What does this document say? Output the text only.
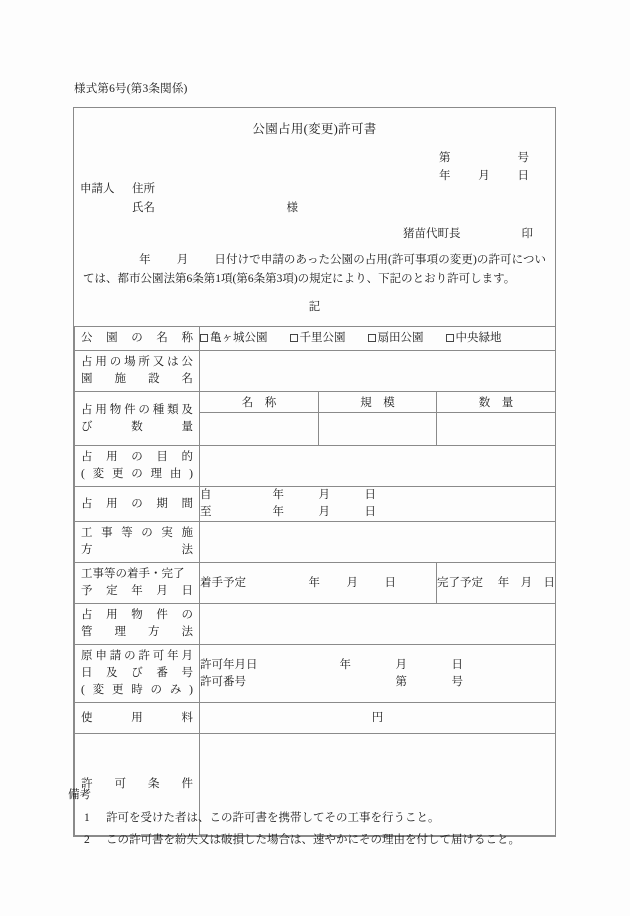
様式第6号(第3条関係)
公園占用(変更)許可書
第	号
年 月 日
申請人 住所
氏名	様
猪苗代町長	印
年 月 日付けで申請のあった公園の占用(許可事項の変更)の許可については、都市公園法第6条第1項(第6条第3項)の規定により、下記のとおり許可します。
記
公園の名称	亀ヶ城公園 千里公園 扇田公園 中央緑地		

占用の場所又は公
園施設名			

占用物件の種類及
び数量	名　称	規　模	数　量

占用の目的
(変更の理由)			

占用の期間

自	年	月	日
至	年	月	日

工事等の実施
方法			

工事等の着手・完了
予定年月日	着手予定 年 月 日		完了予定 年 月 日

占用物件の
管理方法			

原申請の許可年月
日及び番号
(変更時のみ)

許可年月日	年	月	日
許可番号	第	号

使用料	円		

許可条件			

備考
1 許可を受けた者は、この許可書を携帯してその工事を行うこと。
2 この許可書を紛失又は破損した場合は、速やかにその理由を付して届けること。
